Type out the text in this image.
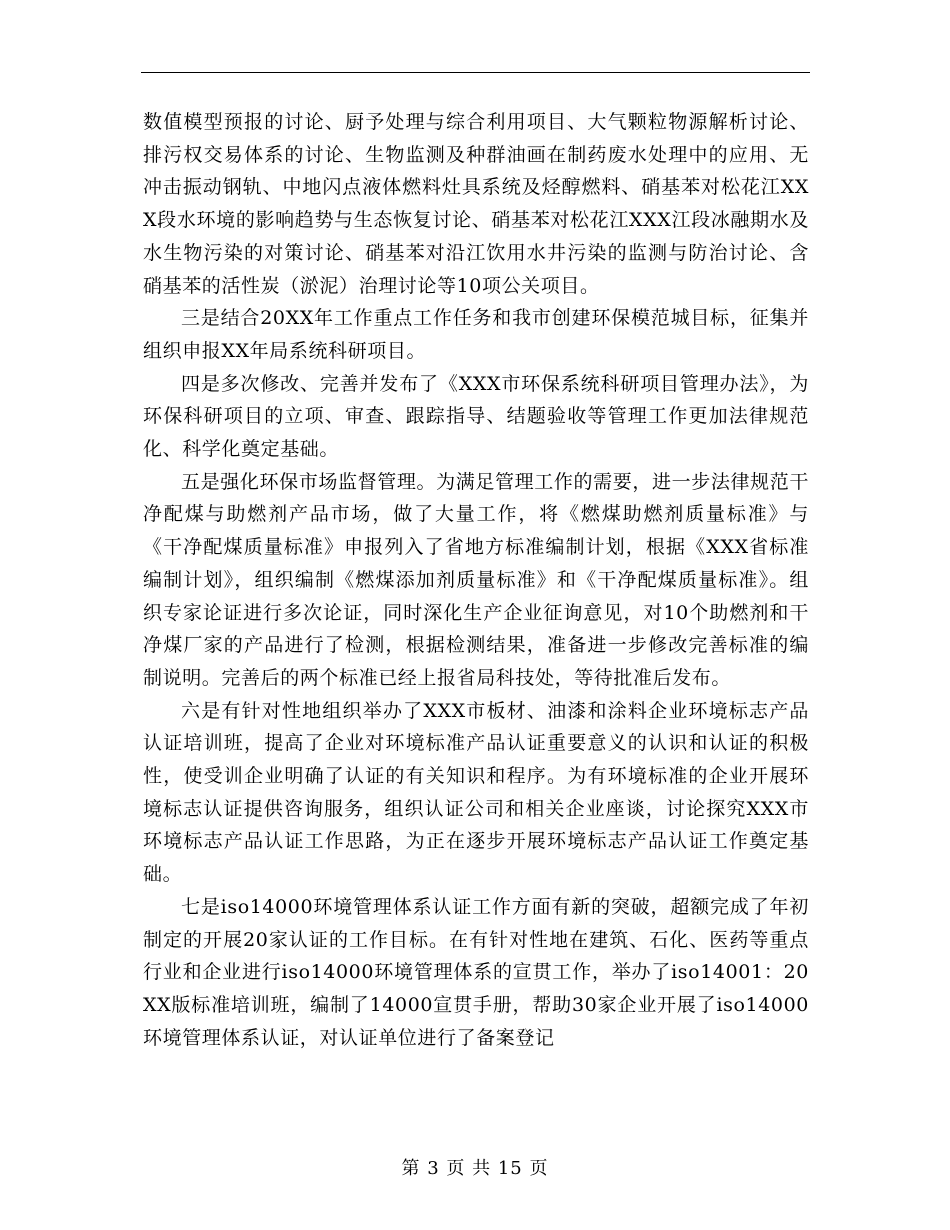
数值模型预报的讨论、厨予处理与综合利用项目、大气颗粒物源解析讨论、排污权交易体系的讨论、生物监测及种群油画在制药废水处理中的应用、无冲击振动钢轨、中地闪点液体燃料灶具系统及烃醇燃料、硝基苯对松花江XXX段水环境的影响趋势与生态恢复讨论、硝基苯对松花江XXX江段冰融期水及水生物污染的对策讨论、硝基苯对沿江饮用水井污染的监测与防治讨论、含硝基苯的活性炭（淤泥）治理讨论等10项公关项目。

三是结合20XX年工作重点工作任务和我市创建环保模范城目标，征集并组织申报XX年局系统科研项目。

四是多次修改、完善并发布了《XXX市环保系统科研项目管理办法》，为环保科研项目的立项、审查、跟踪指导、结题验收等管理工作更加法律规范化、科学化奠定基础。

五是强化环保市场监督管理。为满足管理工作的需要，进一步法律规范干净配煤与助燃剂产品市场，做了大量工作，将《燃煤助燃剂质量标准》与《干净配煤质量标准》申报列入了省地方标准编制计划，根据《XXX省标准编制计划》，组织编制《燃煤添加剂质量标准》和《干净配煤质量标准》。组织专家论证进行多次论证，同时深化生产企业征询意见，对10个助燃剂和干净煤厂家的产品进行了检测，根据检测结果，准备进一步修改完善标准的编制说明。完善后的两个标准已经上报省局科技处，等待批准后发布。

六是有针对性地组织举办了XXX市板材、油漆和涂料企业环境标志产品认证培训班，提高了企业对环境标准产品认证重要意义的认识和认证的积极性，使受训企业明确了认证的有关知识和程序。为有环境标准的企业开展环境标志认证提供咨询服务，组织认证公司和相关企业座谈，讨论探究XXX市环境标志产品认证工作思路，为正在逐步开展环境标志产品认证工作奠定基础。

七是iso14000环境管理体系认证工作方面有新的突破，超额完成了年初制定的开展20家认证的工作目标。在有针对性地在建筑、石化、医药等重点行业和企业进行iso14000环境管理体系的宣贯工作，举办了iso14001：20XX版标准培训班，编制了14000宣贯手册，帮助30家企业开展了iso14000环境管理体系认证，对认证单位进行了备案登记

第 3 页 共 15 页
